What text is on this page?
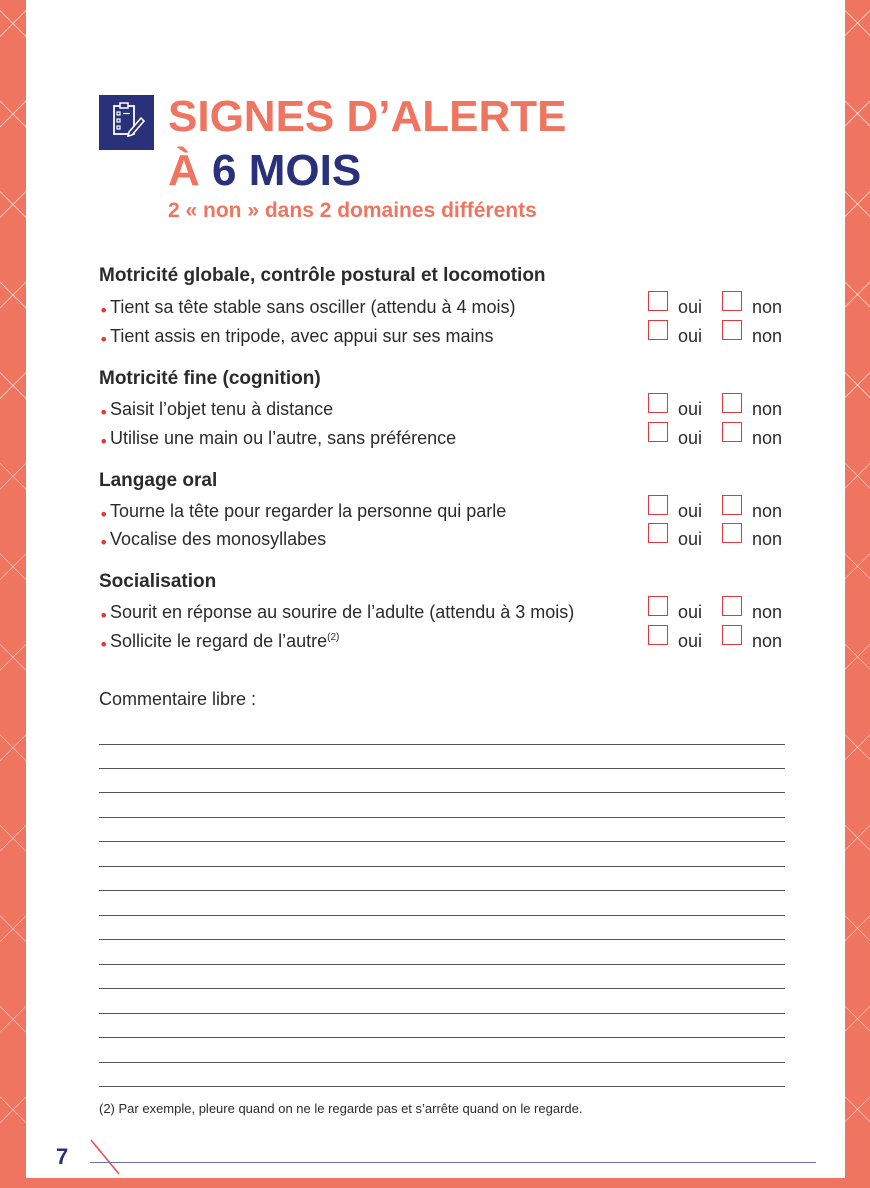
SIGNES D’ALERTE
À 6 MOIS
2 « non » dans 2 domaines différents
Motricité globale, contrôle postural et locomotion
• Tient sa tête stable sans osciller (attendu à 4 mois)	oui	non
• Tient assis en tripode, avec appui sur ses mains	oui	non
Motricité fine (cognition)
• Saisit l’objet tenu à distance	oui	non
• Utilise une main ou l’autre, sans préférence	oui	non
Langage oral
• Tourne la tête pour regarder la personne qui parle	oui	non
• Vocalise des monosyllabes	oui	non
Socialisation
• Sourit en réponse au sourire de l’adulte (attendu à 3 mois)	oui	non
• Sollicite le regard de l’autre$^{(2)}$	oui	non
Commentaire libre :
(2) Par exemple, pleure quand on ne le regarde pas et s’arrête quand on le regarde.
7
